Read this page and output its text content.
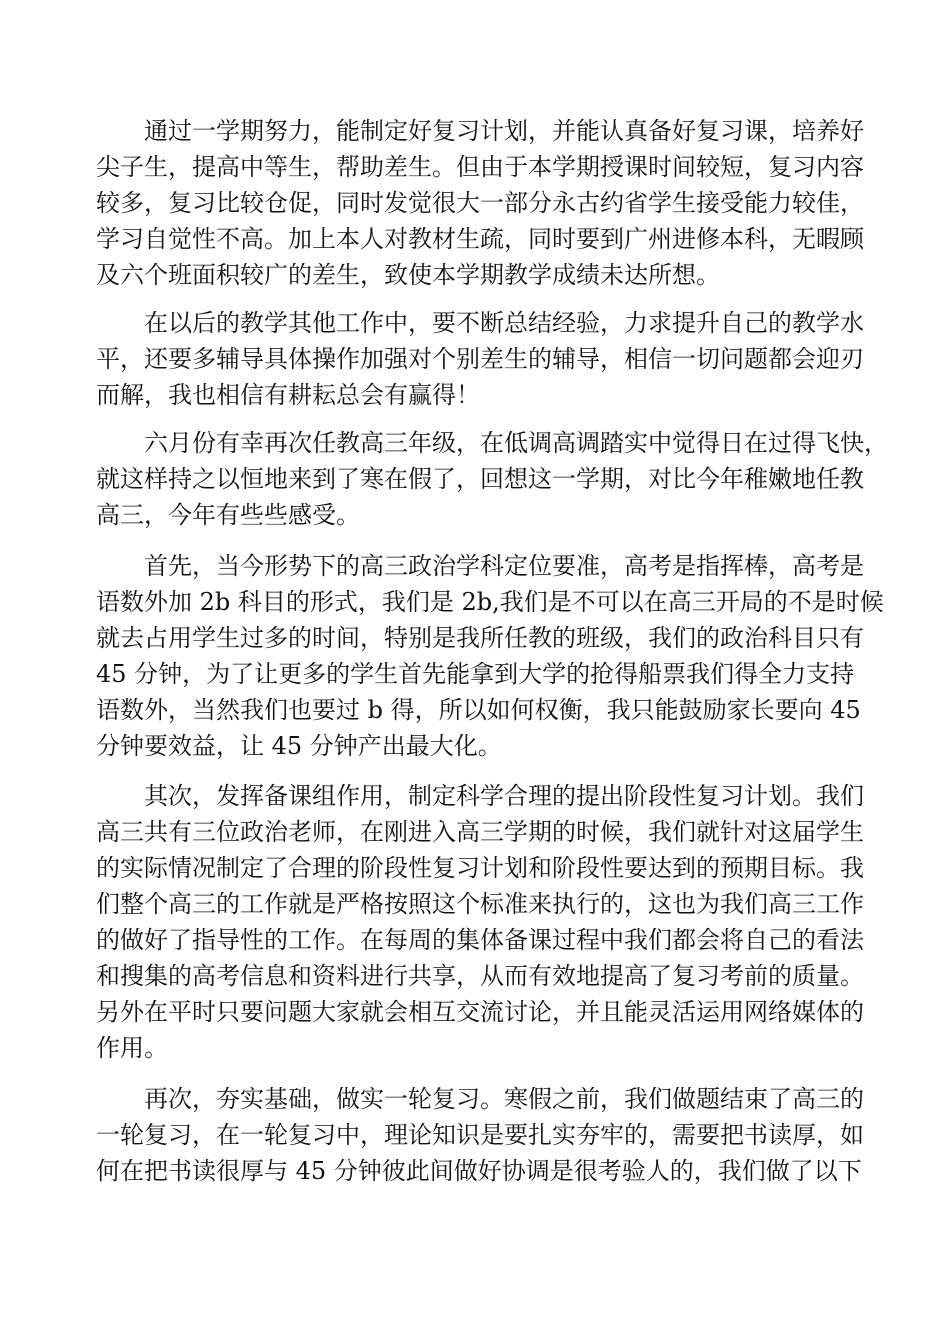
通过一学期努力，能制定好复习计划，并能认真备好复习课，培养好
尖子生，提高中等生，帮助差生。但由于本学期授课时间较短，复习内容
较多，复习比较仓促，同时发觉很大一部分永古约省学生接受能力较佳，
学习自觉性不高。加上本人对教材生疏，同时要到广州进修本科，无暇顾
及六个班面积较广的差生，致使本学期教学成绩未达所想。
在以后的教学其他工作中，要不断总结经验，力求提升自己的教学水
平，还要多辅导具体操作加强对个别差生的辅导，相信一切问题都会迎刃
而解，我也相信有耕耘总会有赢得！
六月份有幸再次任教高三年级，在低调高调踏实中觉得日在过得飞快，
就这样持之以恒地来到了寒在假了，回想这一学期，对比今年稚嫩地任教
高三，今年有些些感受。
首先，当今形势下的高三政治学科定位要准，高考是指挥棒，高考是
语数外加 2b 科目的形式，我们是 2b,我们是不可以在高三开局的不是时候
就去占用学生过多的时间，特别是我所任教的班级，我们的政治科目只有
45 分钟，为了让更多的学生首先能拿到大学的抢得船票我们得全力支持
语数外，当然我们也要过 b 得，所以如何权衡，我只能鼓励家长要向 45
分钟要效益，让 45 分钟产出最大化。
其次，发挥备课组作用，制定科学合理的提出阶段性复习计划。我们
高三共有三位政治老师，在刚进入高三学期的时候，我们就针对这届学生
的实际情况制定了合理的阶段性复习计划和阶段性要达到的预期目标。我
们整个高三的工作就是严格按照这个标准来执行的，这也为我们高三工作
的做好了指导性的工作。在每周的集体备课过程中我们都会将自己的看法
和搜集的高考信息和资料进行共享，从而有效地提高了复习考前的质量。
另外在平时只要问题大家就会相互交流讨论，并且能灵活运用网络媒体的
作用。
再次，夯实基础，做实一轮复习。寒假之前，我们做题结束了高三的
一轮复习，在一轮复习中，理论知识是要扎实夯牢的，需要把书读厚，如
何在把书读很厚与 45 分钟彼此间做好协调是很考验人的，我们做了以下
